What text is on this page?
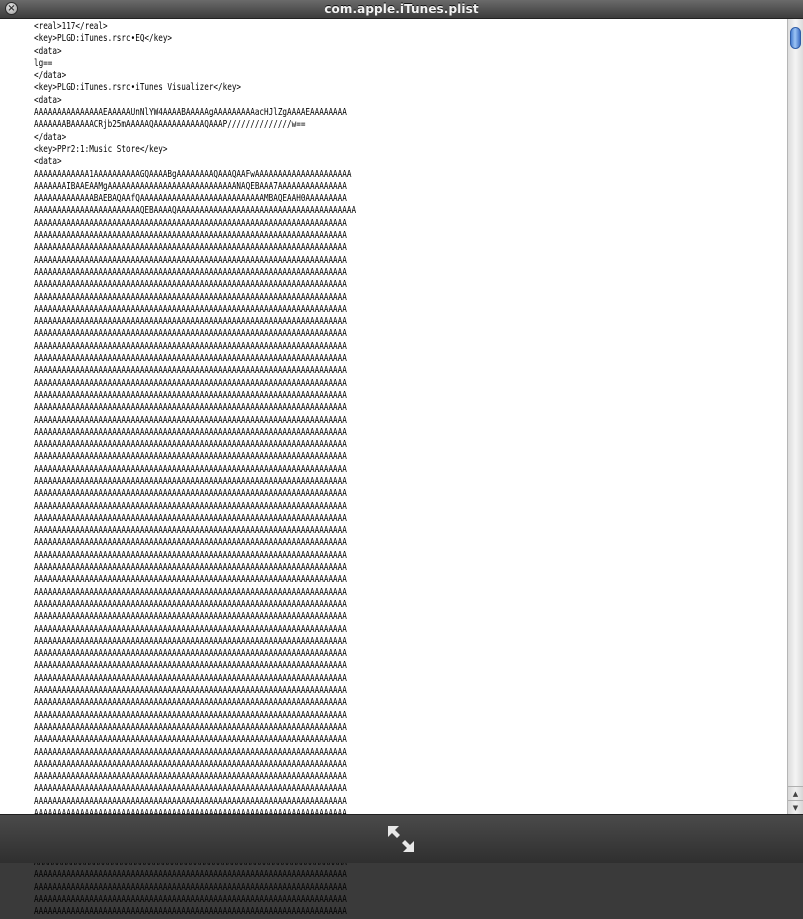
×	com.apple.iTunes.plist
<real>117</real>
<key>PLGD:iTunes.rsrc•EQ</key>
<data>
lg==
</data>
<key>PLGD:iTunes.rsrc•iTunes Visualizer</key>
<data>
AAAAAAAAAAAAAAAEAAAAAUnNlYW4AAAABAAAAAgAAAAAAAAAacHJlZgAAAAEAAAAAAAA
AAAAAAABAAAAACRjb25mAAAAAQAAAAAAAAAAAQAAAP//////////////w==
</data>
<key>PPr2:1:Music Store</key>
<data>
AAAAAAAAAAAA1AAAAAAAAAAGQAAAABgAAAAAAAAQAAAQAAFwAAAAAAAAAAAAAAAAAAAAA
AAAAAAAIBAAEAAMgAAAAAAAAAAAAAAAAAAAAAAAAAAAANAQEBAAA7AAAAAAAAAAAAAAA
AAAAAAAAAAAAABAEBAQAAfQAAAAAAAAAAAAAAAAAAAAAAAAAAAMBAQEAAH0AAAAAAAAA
AAAAAAAAAAAAAAAAAAAAAAAQEBAAAAQAAAAAAAAAAAAAAAAAAAAAAAAAAAAAAAAAAAAAAA
AAAAAAAAAAAAAAAAAAAAAAAAAAAAAAAAAAAAAAAAAAAAAAAAAAAAAAAAAAAAAAAAAAAA
AAAAAAAAAAAAAAAAAAAAAAAAAAAAAAAAAAAAAAAAAAAAAAAAAAAAAAAAAAAAAAAAAAAA
AAAAAAAAAAAAAAAAAAAAAAAAAAAAAAAAAAAAAAAAAAAAAAAAAAAAAAAAAAAAAAAAAAAA
AAAAAAAAAAAAAAAAAAAAAAAAAAAAAAAAAAAAAAAAAAAAAAAAAAAAAAAAAAAAAAAAAAAA
AAAAAAAAAAAAAAAAAAAAAAAAAAAAAAAAAAAAAAAAAAAAAAAAAAAAAAAAAAAAAAAAAAAA
AAAAAAAAAAAAAAAAAAAAAAAAAAAAAAAAAAAAAAAAAAAAAAAAAAAAAAAAAAAAAAAAAAAA
AAAAAAAAAAAAAAAAAAAAAAAAAAAAAAAAAAAAAAAAAAAAAAAAAAAAAAAAAAAAAAAAAAAA
AAAAAAAAAAAAAAAAAAAAAAAAAAAAAAAAAAAAAAAAAAAAAAAAAAAAAAAAAAAAAAAAAAAA
AAAAAAAAAAAAAAAAAAAAAAAAAAAAAAAAAAAAAAAAAAAAAAAAAAAAAAAAAAAAAAAAAAAA
AAAAAAAAAAAAAAAAAAAAAAAAAAAAAAAAAAAAAAAAAAAAAAAAAAAAAAAAAAAAAAAAAAAA
AAAAAAAAAAAAAAAAAAAAAAAAAAAAAAAAAAAAAAAAAAAAAAAAAAAAAAAAAAAAAAAAAAAA
AAAAAAAAAAAAAAAAAAAAAAAAAAAAAAAAAAAAAAAAAAAAAAAAAAAAAAAAAAAAAAAAAAAA
AAAAAAAAAAAAAAAAAAAAAAAAAAAAAAAAAAAAAAAAAAAAAAAAAAAAAAAAAAAAAAAAAAAA
AAAAAAAAAAAAAAAAAAAAAAAAAAAAAAAAAAAAAAAAAAAAAAAAAAAAAAAAAAAAAAAAAAAA
AAAAAAAAAAAAAAAAAAAAAAAAAAAAAAAAAAAAAAAAAAAAAAAAAAAAAAAAAAAAAAAAAAAA
AAAAAAAAAAAAAAAAAAAAAAAAAAAAAAAAAAAAAAAAAAAAAAAAAAAAAAAAAAAAAAAAAAAA
AAAAAAAAAAAAAAAAAAAAAAAAAAAAAAAAAAAAAAAAAAAAAAAAAAAAAAAAAAAAAAAAAAAA
AAAAAAAAAAAAAAAAAAAAAAAAAAAAAAAAAAAAAAAAAAAAAAAAAAAAAAAAAAAAAAAAAAAA
AAAAAAAAAAAAAAAAAAAAAAAAAAAAAAAAAAAAAAAAAAAAAAAAAAAAAAAAAAAAAAAAAAAA
AAAAAAAAAAAAAAAAAAAAAAAAAAAAAAAAAAAAAAAAAAAAAAAAAAAAAAAAAAAAAAAAAAAA
AAAAAAAAAAAAAAAAAAAAAAAAAAAAAAAAAAAAAAAAAAAAAAAAAAAAAAAAAAAAAAAAAAAA
AAAAAAAAAAAAAAAAAAAAAAAAAAAAAAAAAAAAAAAAAAAAAAAAAAAAAAAAAAAAAAAAAAAA
AAAAAAAAAAAAAAAAAAAAAAAAAAAAAAAAAAAAAAAAAAAAAAAAAAAAAAAAAAAAAAAAAAAA
AAAAAAAAAAAAAAAAAAAAAAAAAAAAAAAAAAAAAAAAAAAAAAAAAAAAAAAAAAAAAAAAAAAA
AAAAAAAAAAAAAAAAAAAAAAAAAAAAAAAAAAAAAAAAAAAAAAAAAAAAAAAAAAAAAAAAAAAA
AAAAAAAAAAAAAAAAAAAAAAAAAAAAAAAAAAAAAAAAAAAAAAAAAAAAAAAAAAAAAAAAAAAA
AAAAAAAAAAAAAAAAAAAAAAAAAAAAAAAAAAAAAAAAAAAAAAAAAAAAAAAAAAAAAAAAAAAA
AAAAAAAAAAAAAAAAAAAAAAAAAAAAAAAAAAAAAAAAAAAAAAAAAAAAAAAAAAAAAAAAAAAA
AAAAAAAAAAAAAAAAAAAAAAAAAAAAAAAAAAAAAAAAAAAAAAAAAAAAAAAAAAAAAAAAAAAA
AAAAAAAAAAAAAAAAAAAAAAAAAAAAAAAAAAAAAAAAAAAAAAAAAAAAAAAAAAAAAAAAAAAA
AAAAAAAAAAAAAAAAAAAAAAAAAAAAAAAAAAAAAAAAAAAAAAAAAAAAAAAAAAAAAAAAAAAA
AAAAAAAAAAAAAAAAAAAAAAAAAAAAAAAAAAAAAAAAAAAAAAAAAAAAAAAAAAAAAAAAAAAA
AAAAAAAAAAAAAAAAAAAAAAAAAAAAAAAAAAAAAAAAAAAAAAAAAAAAAAAAAAAAAAAAAAAA
AAAAAAAAAAAAAAAAAAAAAAAAAAAAAAAAAAAAAAAAAAAAAAAAAAAAAAAAAAAAAAAAAAAA
AAAAAAAAAAAAAAAAAAAAAAAAAAAAAAAAAAAAAAAAAAAAAAAAAAAAAAAAAAAAAAAAAAAA
AAAAAAAAAAAAAAAAAAAAAAAAAAAAAAAAAAAAAAAAAAAAAAAAAAAAAAAAAAAAAAAAAAAA
AAAAAAAAAAAAAAAAAAAAAAAAAAAAAAAAAAAAAAAAAAAAAAAAAAAAAAAAAAAAAAAAAAAA
AAAAAAAAAAAAAAAAAAAAAAAAAAAAAAAAAAAAAAAAAAAAAAAAAAAAAAAAAAAAAAAAAAAA
AAAAAAAAAAAAAAAAAAAAAAAAAAAAAAAAAAAAAAAAAAAAAAAAAAAAAAAAAAAAAAAAAAAA
AAAAAAAAAAAAAAAAAAAAAAAAAAAAAAAAAAAAAAAAAAAAAAAAAAAAAAAAAAAAAAAAAAAA
AAAAAAAAAAAAAAAAAAAAAAAAAAAAAAAAAAAAAAAAAAAAAAAAAAAAAAAAAAAAAAAAAAAA
AAAAAAAAAAAAAAAAAAAAAAAAAAAAAAAAAAAAAAAAAAAAAAAAAAAAAAAAAAAAAAAAAAAA
AAAAAAAAAAAAAAAAAAAAAAAAAAAAAAAAAAAAAAAAAAAAAAAAAAAAAAAAAAAAAAAAAAAA
AAAAAAAAAAAAAAAAAAAAAAAAAAAAAAAAAAAAAAAAAAAAAAAAAAAAAAAAAAAAAAAAAAAA
AAAAAAAAAAAAAAAAAAAAAAAAAAAAAAAAAAAAAAAAAAAAAAAAAAAAAAAAAAAAAAAAAAAA
AAAAAAAAAAAAAAAAAAAAAAAAAAAAAAAAAAAAAAAAAAAAAAAAAAAAAAAAAAAAAAAAAAAA
AAAAAAAAAAAAAAAAAAAAAAAAAAAAAAAAAAAAAAAAAAAAAAAAAAAAAAAAAAAAAAAAAAAA
AAAAAAAAAAAAAAAAAAAAAAAAAAAAAAAAAAAAAAAAAAAAAAAAAAAAAAAAAAAAAAAAAAAA
AAAAAAAAAAAAAAAAAAAAAAAAAAAAAAAAAAAAAAAAAAAAAAAAAAAAAAAAAAAAAAAAAAAA
AAAAAAAAAAAAAAAAAAAAAAAAAAAAAAAAAAAAAAAAAAAAAAAAAAAAAAAAAAAAAAAAAAAA
AAAAAAAAAAAAAAAAAAAAAAAAAAAAAAAAAAAAAAAAAAAAAAAAAAAAAAAAAAAAAAAAAAAA
AAAAAAAAAAAAAAAAAAAAAAAAAAAAAAAAAAAAAAAAAAAAAAAAAAAAAAAAAAAAAAAAAAAA
▲
▼
